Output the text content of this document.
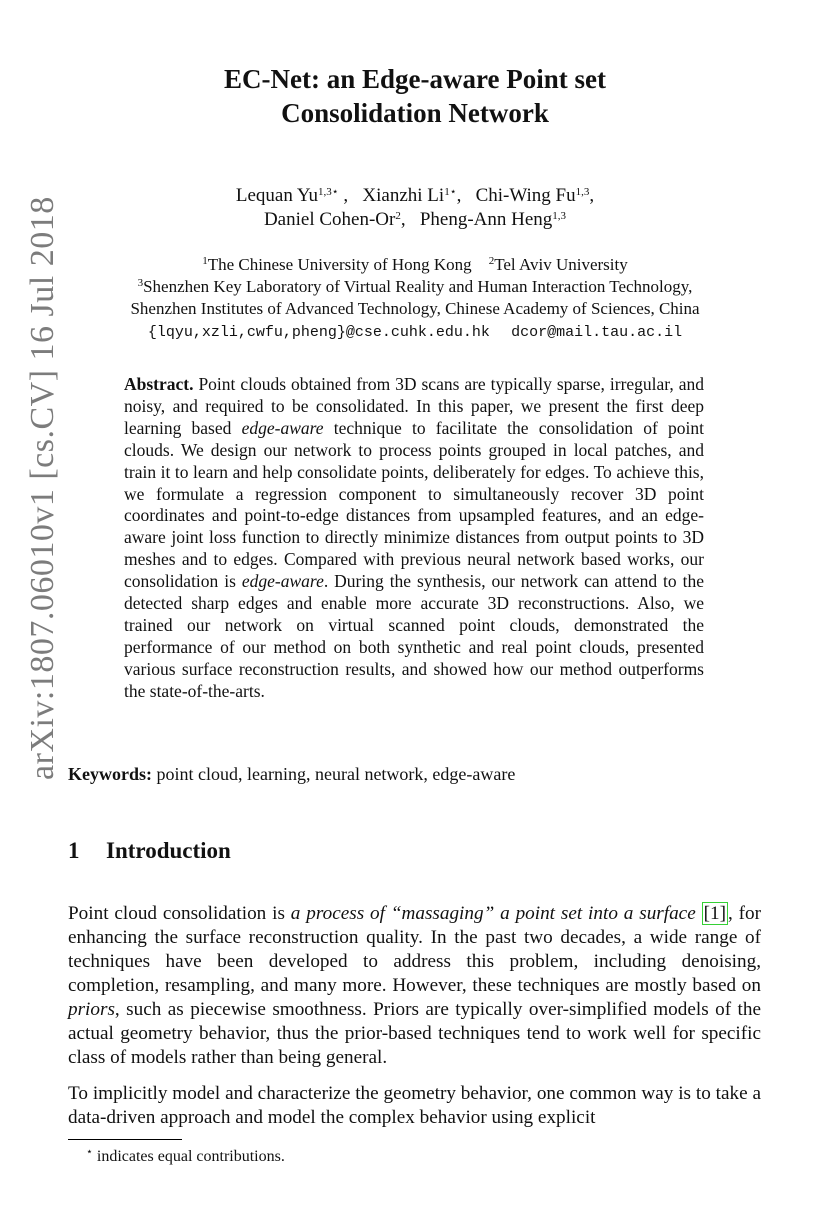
arXiv:1807.06010v1 [cs.CV] 16 Jul 2018
EC-Net: an Edge-aware Point set
Consolidation Network
Lequan $Yu^{1,3⋆}$ ,   Xianzhi $Li^{1⋆}$,   Chi-Wing Fu$^{1,3}$,
Daniel Cohen-Or$^2$,   Pheng-Ann Heng$^{1,3}$
$^1$The Chinese University of Hong Kong $^2$Tel Aviv University
$^3$Shenzhen Key Laboratory of Virtual Reality and Human Interaction Technology,
Shenzhen Institutes of Advanced Technology, Chinese Academy of Sciences, China
{lqyu,xzli,cwfu,pheng}@cse.cuhk.edu.hk dcor@mail.tau.ac.il
Abstract. Point clouds obtained from 3D scans are typically sparse, irregular, and noisy, and required to be consolidated. In this paper, we present the first deep learning based edge-aware technique to facilitate the consolidation of point clouds. We design our network to process points grouped in local patches, and train it to learn and help consolidate points, deliberately for edges. To achieve this, we formulate a regression component to simultaneously recover 3D point coordinates and point-to-edge distances from upsampled features, and an edge-aware joint loss function to directly minimize distances from output points to 3D meshes and to edges. Compared with previous neural network based works, our consolidation is edge-aware. During the synthesis, our network can attend to the detected sharp edges and enable more accurate 3D reconstructions. Also, we trained our network on virtual scanned point clouds, demonstrated the performance of our method on both synthetic and real point clouds, presented various surface reconstruction results, and showed how our method outperforms the state-of-the-arts.
Keywords: point cloud, learning, neural network, edge-aware
1 Introduction
Point cloud consolidation is a process of “massaging” a point set into a surface [1] , for enhancing the surface reconstruction quality. In the past two decades, a wide range of techniques have been developed to address this problem, including denoising, completion, resampling, and many more. However, these techniques are mostly based on priors, such as piecewise smoothness. Priors are typically over-simplified models of the actual geometry behavior, thus the prior-based techniques tend to work well for specific class of models rather than being general.
To implicitly model and characterize the geometry behavior, one common way is to take a data-driven approach and model the complex behavior using explicit
⋆ indicates equal contributions.
